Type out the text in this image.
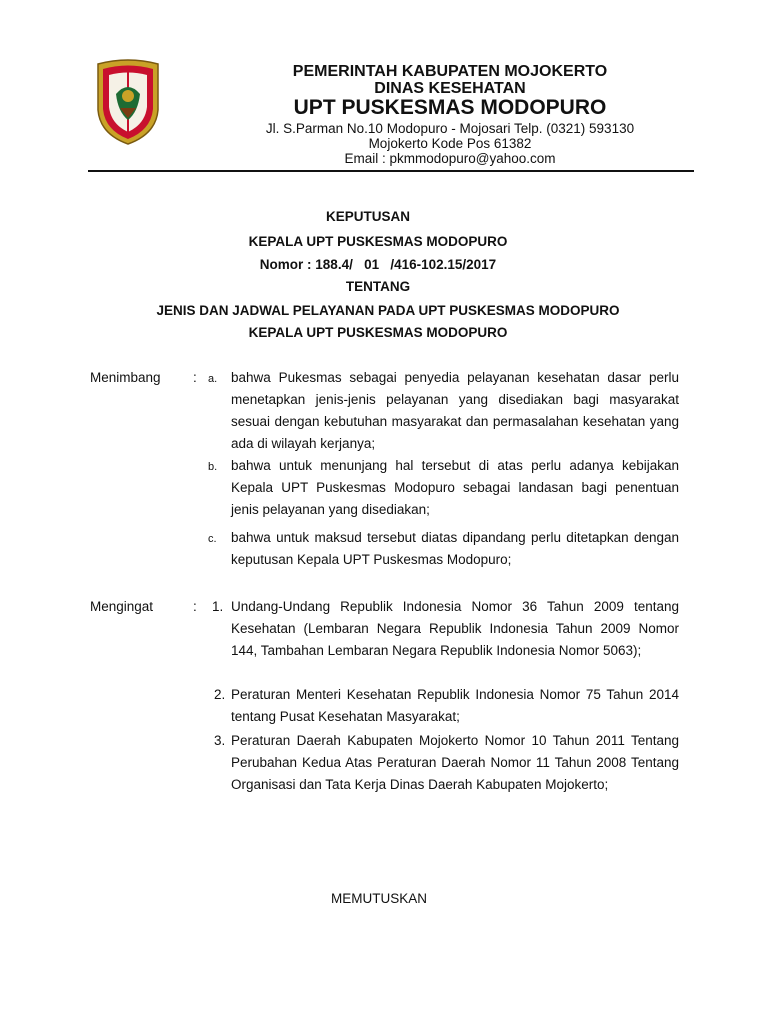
PEMERINTAH KABUPATEN MOJOKERTO
DINAS KESEHATAN
UPT PUSKESMAS MODOPURO
Jl. S.Parman No.10 Modopuro - Mojosari Telp. (0321) 593130
Mojokerto Kode Pos 61382
Email : pkmmodopuro@yahoo.com
KEPUTUSAN
KEPALA UPT PUSKESMAS MODOPURO
Nomor : 188.4/   01   /416-102.15/2017
TENTANG
JENIS DAN JADWAL PELAYANAN PADA UPT PUSKESMAS MODOPURO
KEPALA UPT PUSKESMAS MODOPURO
Menimbang : a. bahwa Pukesmas sebagai penyedia pelayanan kesehatan dasar perlu menetapkan jenis-jenis pelayanan yang disediakan bagi masyarakat sesuai dengan kebutuhan masyarakat dan permasalahan kesehatan yang ada di wilayah kerjanya;
b. bahwa untuk menunjang hal tersebut di atas perlu adanya kebijakan Kepala UPT Puskesmas Modopuro sebagai landasan bagi penentuan jenis pelayanan yang disediakan;
c. bahwa untuk maksud tersebut diatas dipandang perlu ditetapkan dengan keputusan Kepala UPT Puskesmas Modopuro;
Mengingat	: 1. Undang-Undang Republik Indonesia Nomor 36 Tahun 2009 tentang Kesehatan (Lembaran Negara Republik Indonesia Tahun 2009 Nomor 144, Tambahan Lembaran Negara Republik Indonesia Nomor 5063);
2. Peraturan Menteri Kesehatan Republik Indonesia Nomor 75 Tahun 2014 tentang Pusat Kesehatan Masyarakat;
3. Peraturan Daerah Kabupaten Mojokerto Nomor 10 Tahun 2011 Tentang Perubahan Kedua Atas Peraturan Daerah Nomor 11 Tahun 2008 Tentang Organisasi dan Tata Kerja Dinas Daerah Kabupaten Mojokerto;
MEMUTUSKAN
